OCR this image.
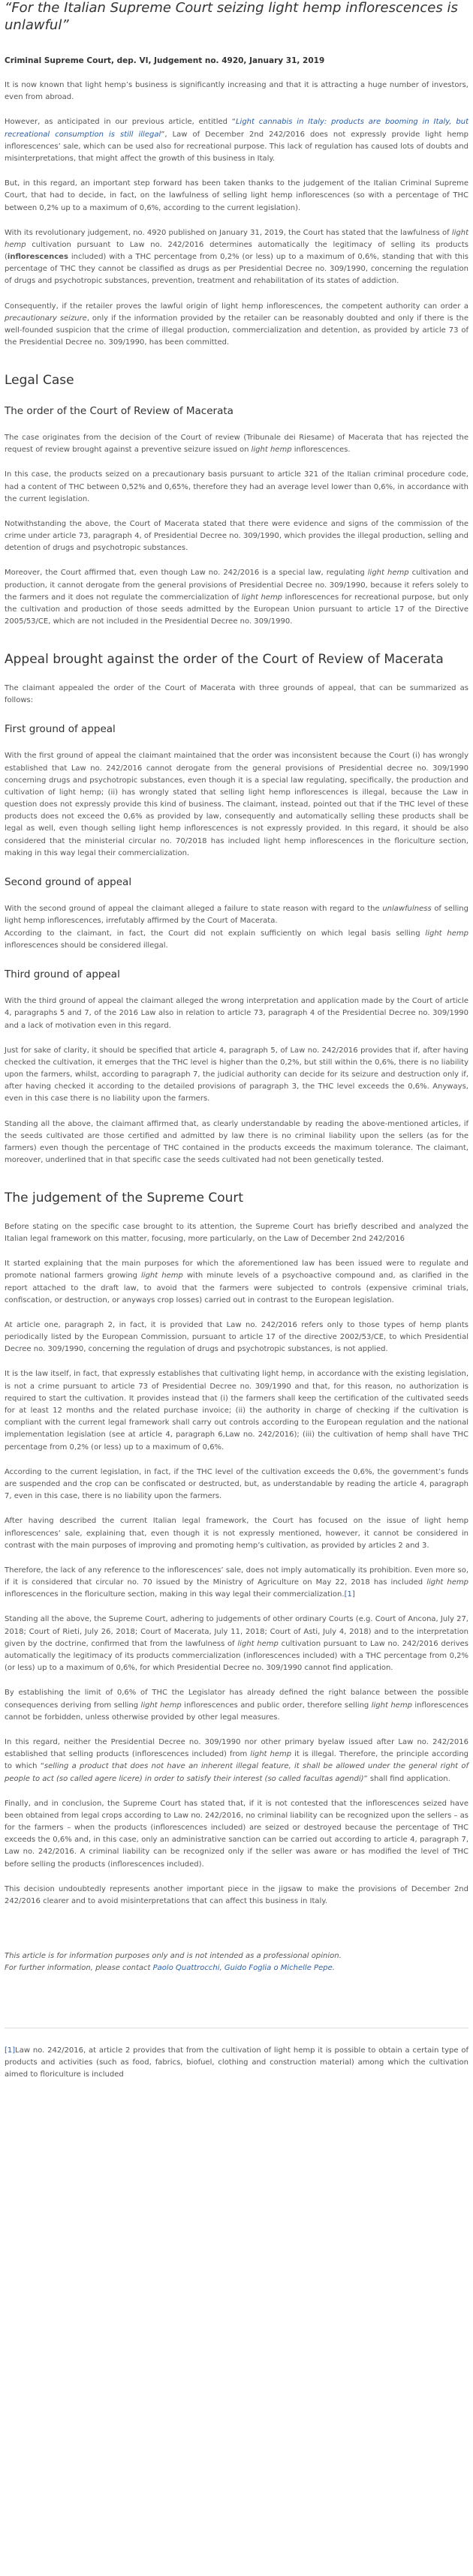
“For the Italian Supreme Court seizing light hemp inflorescences is unlawful”
Criminal Supreme Court, dep. VI, Judgement no. 4920, January 31, 2019

It is now known that light hemp’s business is significantly increasing and that it is attracting a huge number of investors, even from abroad.

However, as anticipated in our previous article, entitled “Light cannabis in Italy: products are booming in Italy, but recreational consumption is still illegal”, Law of December 2nd 242/2016 does not expressly provide light hemp inflorescences’ sale, which can be used also for recreational purpose. This lack of regulation has caused lots of doubts and misinterpretations, that might affect the growth of this business in Italy.

But, in this regard, an important step forward has been taken thanks to the judgement of the Italian Criminal Supreme Court, that had to decide, in fact, on the lawfulness of selling light hemp inflorescences (so with a percentage of THC between 0,2% up to a maximum of 0,6%, according to the current legislation).

With its revolutionary judgement, no. 4920 published on January 31, 2019, the Court has stated that the lawfulness of light hemp cultivation pursuant to Law no. 242/2016 determines automatically the legitimacy of selling its products (inflorescences included) with a THC percentage from 0,2% (or less) up to a maximum of 0,6%, standing that with this percentage of THC they cannot be classified as drugs as per Presidential Decree no. 309/1990, concerning the regulation of drugs and psychotropic substances, prevention, treatment and rehabilitation of its states of addiction.

Consequently, if the retailer proves the lawful origin of light hemp inflorescences, the competent authority can order a precautionary seizure, only if the information provided by the retailer can be reasonably doubted and only if there is the well-founded suspicion that the crime of illegal production, commercialization and detention, as provided by article 73 of the Presidential Decree no. 309/1990, has been committed.

Legal Case
The order of the Court of Review of Macerata

The case originates from the decision of the Court of review (Tribunale dei Riesame) of Macerata that has rejected the request of review brought against a preventive seizure issued on light hemp inflorescences.

In this case, the products seized on a precautionary basis pursuant to article 321 of the Italian criminal procedure code, had a content of THC between 0,52% and 0,65%, therefore they had an average level lower than 0,6%, in accordance with the current legislation.

Notwithstanding the above, the Court of Macerata stated that there were evidence and signs of the commission of the crime under article 73, paragraph 4, of Presidential Decree no. 309/1990, which provides the illegal production, selling and detention of drugs and psychotropic substances.

Moreover, the Court affirmed that, even though Law no. 242/2016 is a special law, regulating light hemp cultivation and production, it cannot derogate from the general provisions of Presidential Decree no. 309/1990, because it refers solely to the farmers and it does not regulate the commercialization of light hemp inflorescences for recreational purpose, but only the cultivation and production of those seeds admitted by the European Union pursuant to article 17 of the Directive 2005/53/CE, which are not included in the Presidential Decree no. 309/1990.

Appeal brought against the order of the Court of Review of Macerata

The claimant appealed the order of the Court of Macerata with three grounds of appeal, that can be summarized as follows:

First ground of appeal

With the first ground of appeal the claimant maintained that the order was inconsistent because the Court (i) has wrongly established that Law no. 242/2016 cannot derogate from the general provisions of Presidential decree no. 309/1990 concerning drugs and psychotropic substances, even though it is a special law regulating, specifically, the production and cultivation of light hemp; (ii) has wrongly stated that selling light hemp inflorescences is illegal, because the Law in question does not expressly provide this kind of business. The claimant, instead, pointed out that if the THC level of these products does not exceed the 0,6% as provided by law, consequently and automatically selling these products shall be legal as well, even though selling light hemp inflorescences is not expressly provided. In this regard, it should be also considered that the ministerial circular no. 70/2018 has included light hemp inflorescences in the floriculture section, making in this way legal their commercialization.

Second ground of appeal

With the second ground of appeal the claimant alleged a failure to state reason with regard to the unlawfulness of selling light hemp inflorescences, irrefutably affirmed by the Court of Macerata.
According to the claimant, in fact, the Court did not explain sufficiently on which legal basis selling light hemp inflorescences should be considered illegal.

Third ground of appeal

With the third ground of appeal the claimant alleged the wrong interpretation and application made by the Court of article 4, paragraphs 5 and 7, of the 2016 Law also in relation to article 73, paragraph 4 of the Presidential Decree no. 309/1990 and a lack of motivation even in this regard.

Just for sake of clarity, it should be specified that article 4, paragraph 5, of Law no. 242/2016 provides that if, after having checked the cultivation, it emerges that the THC level is higher than the 0,2%, but still within the 0,6%, there is no liability upon the farmers, whilst, according to paragraph 7, the judicial authority can decide for its seizure and destruction only if, after having checked it according to the detailed provisions of paragraph 3, the THC level exceeds the 0,6%. Anyways, even in this case there is no liability upon the farmers.

Standing all the above, the claimant affirmed that, as clearly understandable by reading the above-mentioned articles, if the seeds cultivated are those certified and admitted by law there is no criminal liability upon the sellers (as for the farmers) even though the percentage of THC contained in the products exceeds the maximum tolerance. The claimant, moreover, underlined that in that specific case the seeds cultivated had not been genetically tested.

The judgement of the Supreme Court

Before stating on the specific case brought to its attention, the Supreme Court has briefly described and analyzed the Italian legal framework on this matter, focusing, more particularly, on the Law of December 2nd 242/2016

It started explaining that the main purposes for which the aforementioned law has been issued were to regulate and promote national farmers growing light hemp with minute levels of a psychoactive compound and, as clarified in the report attached to the draft law, to avoid that the farmers were subjected to controls (expensive criminal trials, confiscation, or destruction, or anyways crop losses) carried out in contrast to the European legislation.

At article one, paragraph 2, in fact, it is provided that Law no. 242/2016 refers only to those types of hemp plants periodically listed by the European Commission, pursuant to article 17 of the directive 2002/53/CE, to which Presidential Decree no. 309/1990, concerning the regulation of drugs and psychotropic substances, is not applied.

It is the law itself, in fact, that expressly establishes that cultivating light hemp, in accordance with the existing legislation, is not a crime pursuant to article 73 of Presidential Decree no. 309/1990 and that, for this reason, no authorization is required to start the cultivation. It provides instead that (i) the farmers shall keep the certification of the cultivated seeds for at least 12 months and the related purchase invoice; (ii) the authority in charge of checking if the cultivation is compliant with the current legal framework shall carry out controls according to the European regulation and the national implementation legislation (see at article 4, paragraph 6,Law no. 242/2016); (iii) the cultivation of hemp shall have THC percentage from 0,2% (or less) up to a maximum of 0,6%.

According to the current legislation, in fact, if the THC level of the cultivation exceeds the 0,6%, the government’s funds are suspended and the crop can be confiscated or destructed, but, as understandable by reading the article 4, paragraph 7, even in this case, there is no liability upon the farmers.

After having described the current Italian legal framework, the Court has focused on the issue of light hemp inflorescences’ sale, explaining that, even though it is not expressly mentioned, however, it cannot be considered in contrast with the main purposes of improving and promoting hemp’s cultivation, as provided by articles 2 and 3.

Therefore, the lack of any reference to the inflorescences’ sale, does not imply automatically its prohibition. Even more so, if it is considered that circular no. 70 issued by the Ministry of Agriculture on May 22, 2018 has included light hemp inflorescences in the floriculture section, making in this way legal their commercialization.[1]

Standing all the above, the Supreme Court, adhering to judgements of other ordinary Courts (e.g. Court of Ancona, July 27, 2018; Court of Rieti, July 26, 2018; Court of Macerata, July 11, 2018; Court of Asti, July 4, 2018) and to the interpretation given by the doctrine, confirmed that from the lawfulness of light hemp cultivation pursuant to Law no. 242/2016 derives automatically the legitimacy of its products commercialization (inflorescences included) with a THC percentage from 0,2% (or less) up to a maximum of 0,6%, for which Presidential Decree no. 309/1990 cannot find application.

By establishing the limit of 0,6% of THC the Legislator has already defined the right balance between the possible consequences deriving from selling light hemp inflorescences and public order, therefore selling light hemp inflorescences cannot be forbidden, unless otherwise provided by other legal measures.

In this regard, neither the Presidential Decree no. 309/1990 nor other primary byelaw issued after Law no. 242/2016 established that selling products (inflorescences included) from light hemp it is illegal. Therefore, the principle according to which “selling a product that does not have an inherent illegal feature, it shall be allowed under the general right of people to act (so called agere licere) in order to satisfy their interest (so called facultas agendi)” shall find application.

Finally, and in conclusion, the Supreme Court has stated that, if it is not contested that the inflorescences seized have been obtained from legal crops according to Law no. 242/2016, no criminal liability can be recognized upon the sellers – as for the farmers – when the products (inflorescences included) are seized or destroyed because the percentage of THC exceeds the 0,6% and, in this case, only an administrative sanction can be carried out according to article 4, paragraph 7, Law no. 242/2016. A criminal liability can be recognized only if the seller was aware or has modified the level of THC before selling the products (inflorescences included).

This decision undoubtedly represents another important piece in the jigsaw to make the provisions of December 2nd 242/2016 clearer and to avoid misinterpretations that can affect this business in Italy.

This article is for information purposes only and is not intended as a professional opinion.

For further information, please contact Paolo Quattrocchi, Guido Foglia o Michelle Pepe.

[1]Law no. 242/2016, at article 2 provides that from the cultivation of light hemp it is possible to obtain a certain type of products and activities (such as food, fabrics, biofuel, clothing and construction material) among which the cultivation aimed to floriculture is included
